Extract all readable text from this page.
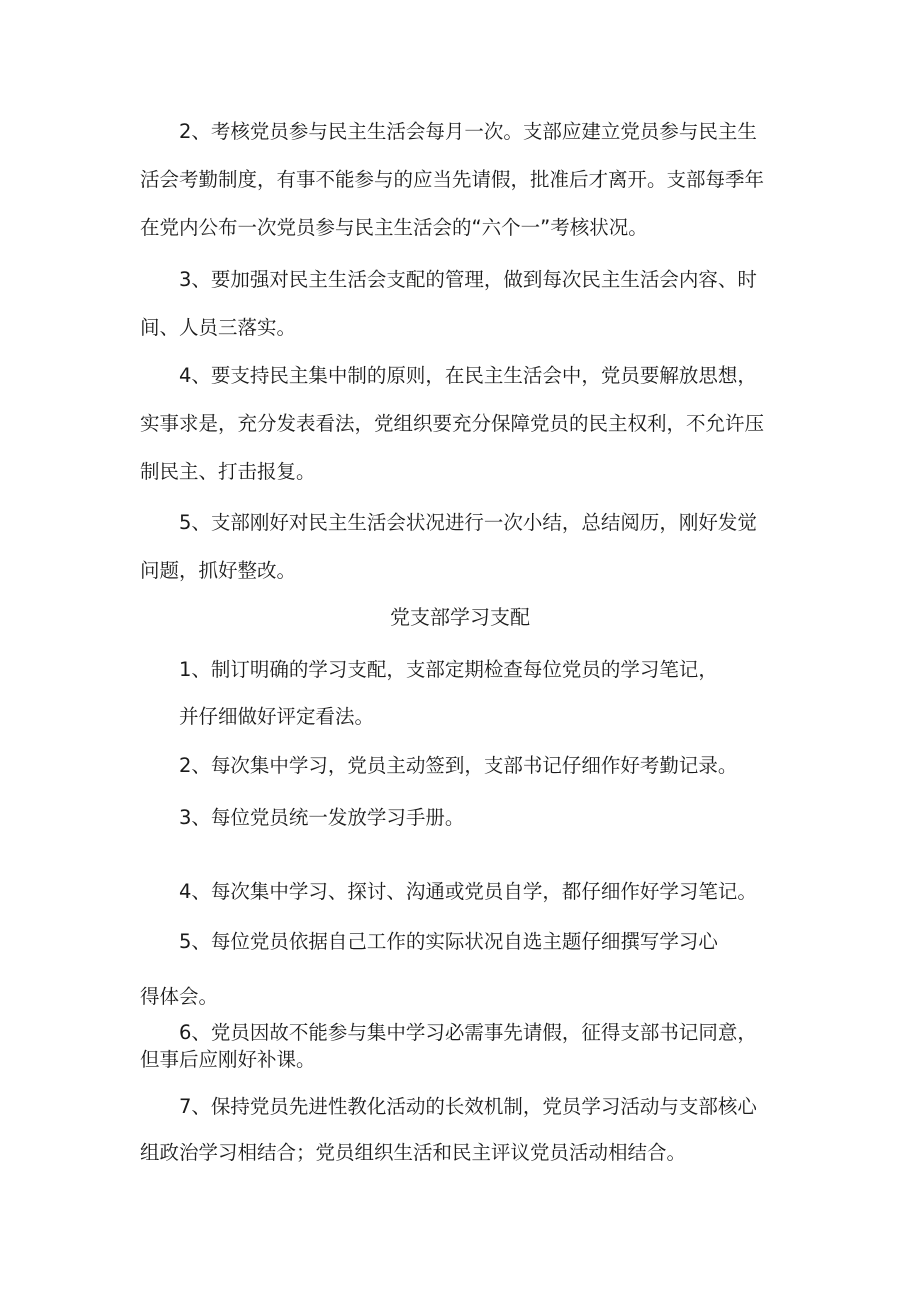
2、考核党员参与民主生活会每月一次。支部应建立党员参与民主生
活会考勤制度，有事不能参与的应当先请假，批准后才离开。支部每季年
在党内公布一次党员参与民主生活会的“六个一”考核状况。
3、要加强对民主生活会支配的管理，做到每次民主生活会内容、时
间、人员三落实。
4、要支持民主集中制的原则，在民主生活会中，党员要解放思想，
实事求是，充分发表看法，党组织要充分保障党员的民主权利，不允许压
制民主、打击报复。
5、支部刚好对民主生活会状况进行一次小结，总结阅历，刚好发觉
问题，抓好整改。
党支部学习支配
1、制订明确的学习支配，支部定期检查每位党员的学习笔记，
并仔细做好评定看法。
2、每次集中学习，党员主动签到，支部书记仔细作好考勤记录。
3、每位党员统一发放学习手册。
4、每次集中学习、探讨、沟通或党员自学，都仔细作好学习笔记。
5、每位党员依据自己工作的实际状况自选主题仔细撰写学习心
得体会。
6、党员因故不能参与集中学习必需事先请假，征得支部书记同意，
但事后应刚好补课。
7、保持党员先进性教化活动的长效机制，党员学习活动与支部核心
组政治学习相结合；党员组织生活和民主评议党员活动相结合。
